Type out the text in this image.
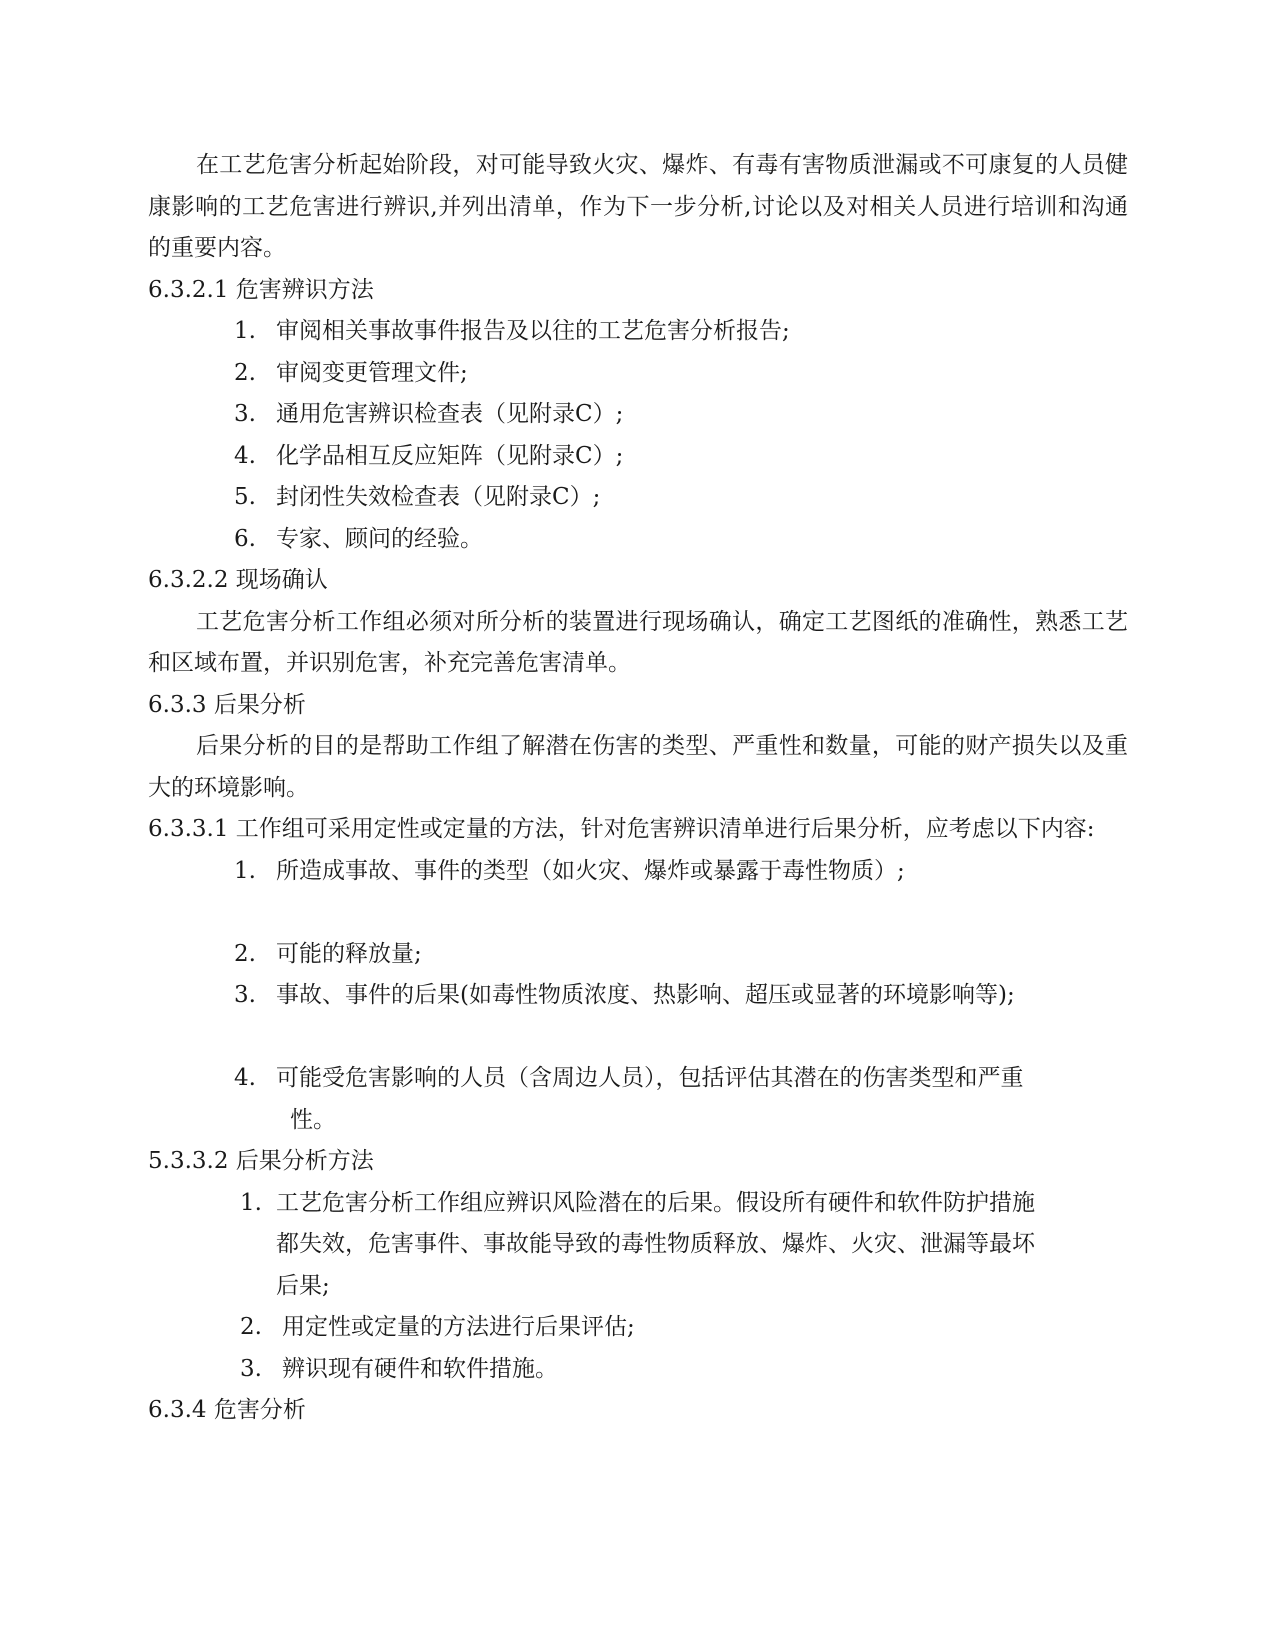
在工艺危害分析起始阶段，对可能导致火灾、爆炸、有毒有害物质泄漏或不可康复的人员健康影响的工艺危害进行辨识,并列出清单，作为下一步分析,讨论以及对相关人员进行培训和沟通的重要内容。

6.3.2.1 危害辨识方法

1. 审阅相关事故事件报告及以往的工艺危害分析报告;
2. 审阅变更管理文件;
3. 通用危害辨识检查表（见附录C）;
4. 化学品相互反应矩阵（见附录C）;
5. 封闭性失效检查表（见附录C）;
6. 专家、顾问的经验。

6.3.2.2 现场确认

工艺危害分析工作组必须对所分析的装置进行现场确认，确定工艺图纸的准确性，熟悉工艺和区域布置，并识别危害，补充完善危害清单。

6.3.3 后果分析

后果分析的目的是帮助工作组了解潜在伤害的类型、严重性和数量，可能的财产损失以及重大的环境影响。

6.3.3.1 工作组可采用定性或定量的方法，针对危害辨识清单进行后果分析，应考虑以下内容:

1. 所造成事故、事件的类型（如火灾、爆炸或暴露于毒性物质）;
2. 可能的释放量;
3. 事故、事件的后果(如毒性物质浓度、热影响、超压或显著的环境影响等);
4. 可能受危害影响的人员（含周边人员），包括评估其潜在的伤害类型和严重
性。

5.3.3.2 后果分析方法

1. 工艺危害分析工作组应辨识风险潜在的后果。假设所有硬件和软件防护措施
都失效，危害事件、事故能导致的毒性物质释放、爆炸、火灾、泄漏等最坏
后果;
2. 用定性或定量的方法进行后果评估;
3. 辨识现有硬件和软件措施。

6.3.4 危害分析
